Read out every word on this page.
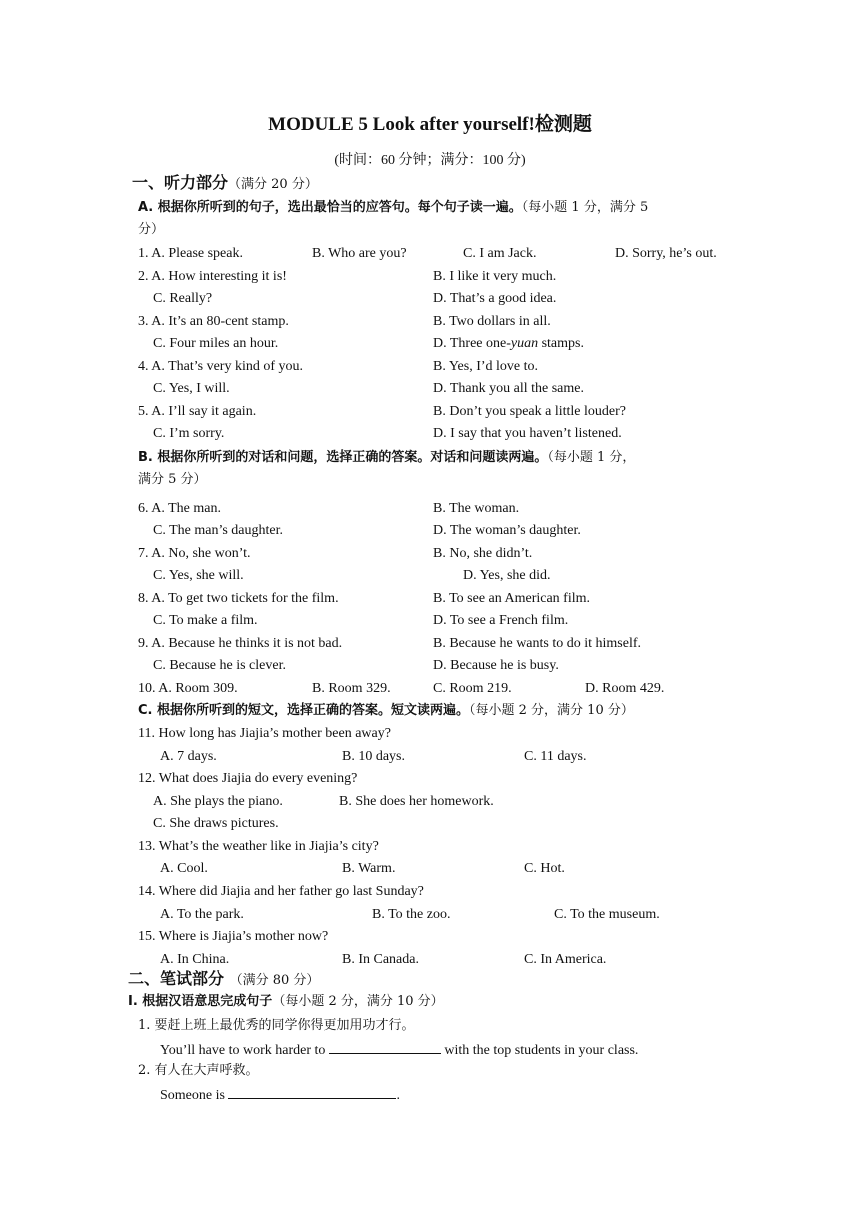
MODULE 5 Look after yourself!检测题
(时间：60 分钟；满分：100 分)
一、听力部分（满分 20 分）
A. 根据你所听到的句子，选出最恰当的应答句。每个句子读一遍。（每小题 1 分，满分 5
分）
1. A. Please speak.	B. Who are you?	C. I am Jack.	D. Sorry, he’s out.
2. A. How interesting it is!	B. I like it very much.
C. Really?	D. That’s a good idea.
3. A. It’s an 80-cent stamp.	B. Two dollars in all.
C. Four miles an hour.	D. Three one-yuan stamps.
4. A. That’s very kind of you.	B. Yes, I’d love to.
C. Yes, I will.	D. Thank you all the same.
5. A. I’ll say it again.	B. Don’t you speak a little louder?
C. I’m sorry.	D. I say that you haven’t listened.
B. 根据你所听到的对话和问题，选择正确的答案。对话和问题读两遍。（每小题 1 分，
满分 5 分）
6. A. The man.	B. The woman.
C. The man’s daughter.	D. The woman’s daughter.
7. A. No, she won’t.	B. No, she didn’t.
C. Yes, she will.	D. Yes, she did.
8. A. To get two tickets for the film.	B. To see an American film.
C. To make a film.	D. To see a French film.
9. A. Because he thinks it is not bad.	B. Because he wants to do it himself.
C. Because he is clever.	D. Because he is busy.
10. A. Room 309.	B. Room 329.	C. Room 219.	D. Room 429.
C. 根据你所听到的短文，选择正确的答案。短文读两遍。（每小题 2 分，满分 10 分）
11. How long has Jiajia’s mother been away?
A. 7 days.	B. 10 days.	C. 11 days.
12. What does Jiajia do every evening?
A. She plays the piano.	B. She does her homework.
C. She draws pictures.
13. What’s the weather like in Jiajia’s city?
A. Cool.	B. Warm.	C. Hot.
14. Where did Jiajia and her father go last Sunday?
A. To the park.	B. To the zoo.	C. To the museum.
15. Where is Jiajia’s mother now?
A. In China.	B. In Canada.	C. In America.
二、笔试部分 （满分 80 分）
Ⅰ. 根据汉语意思完成句子（每小题 2 分，满分 10 分）
1. 要赶上班上最优秀的同学你得更加用功才行。
You’ll have to work harder to	with the top students in your class.
2. 有人在大声呼救。
Someone is	.
